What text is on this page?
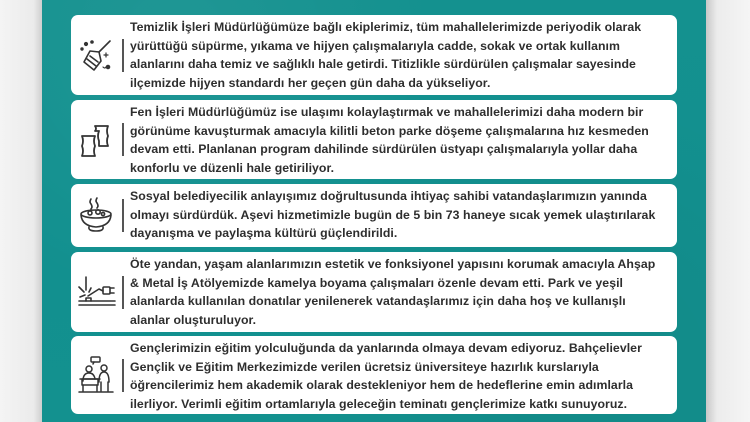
Temizlik İşleri Müdürlüğümüze bağlı ekiplerimiz, tüm mahallelerimizde periyodik olarak yürüttüğü süpürme, yıkama ve hijyen çalışmalarıyla cadde, sokak ve ortak kullanım alanlarını daha temiz ve sağlıklı hale getirdi. Titizlikle sürdürülen çalışmalar sayesinde ilçemizde hijyen standardı her geçen gün daha da yükseliyor.
Fen İşleri Müdürlüğümüz ise ulaşımı kolaylaştırmak ve mahallelerimizi daha modern bir görünüme kavuşturmak amacıyla kilitli beton parke döşeme çalışmalarına hız kesmeden devam etti. Planlanan program dahilinde sürdürülen üstyapı çalışmalarıyla yollar daha konforlu ve düzenli hale getiriliyor.
Sosyal belediyecilik anlayışımız doğrultusunda ihtiyaç sahibi vatandaşlarımızın yanında olmayı sürdürdük. Aşevi hizmetimizle bugün de 5 bin 73 haneye sıcak yemek ulaştırılarak dayanışma ve paylaşma kültürü güçlendirildi.
Öte yandan, yaşam alanlarımızın estetik ve fonksiyonel yapısını korumak amacıyla Ahşap & Metal İş Atölyemizde kamelya boyama çalışmaları özenle devam etti. Park ve yeşil alanlarda kullanılan donatılar yenilenerek vatandaşlarımız için daha hoş ve kullanışlı alanlar oluşturuluyor.
Gençlerimizin eğitim yolculuğunda da yanlarında olmaya devam ediyoruz. Bahçelievler Gençlik ve Eğitim Merkezimizde verilen ücretsiz üniversiteye hazırlık kurslarıyla öğrencilerimiz hem akademik olarak destekleniyor hem de hedeflerine emin adımlarla ilerliyor. Verimli eğitim ortamlarıyla geleceğin teminatı gençlerimize katkı sunuyoruz.
